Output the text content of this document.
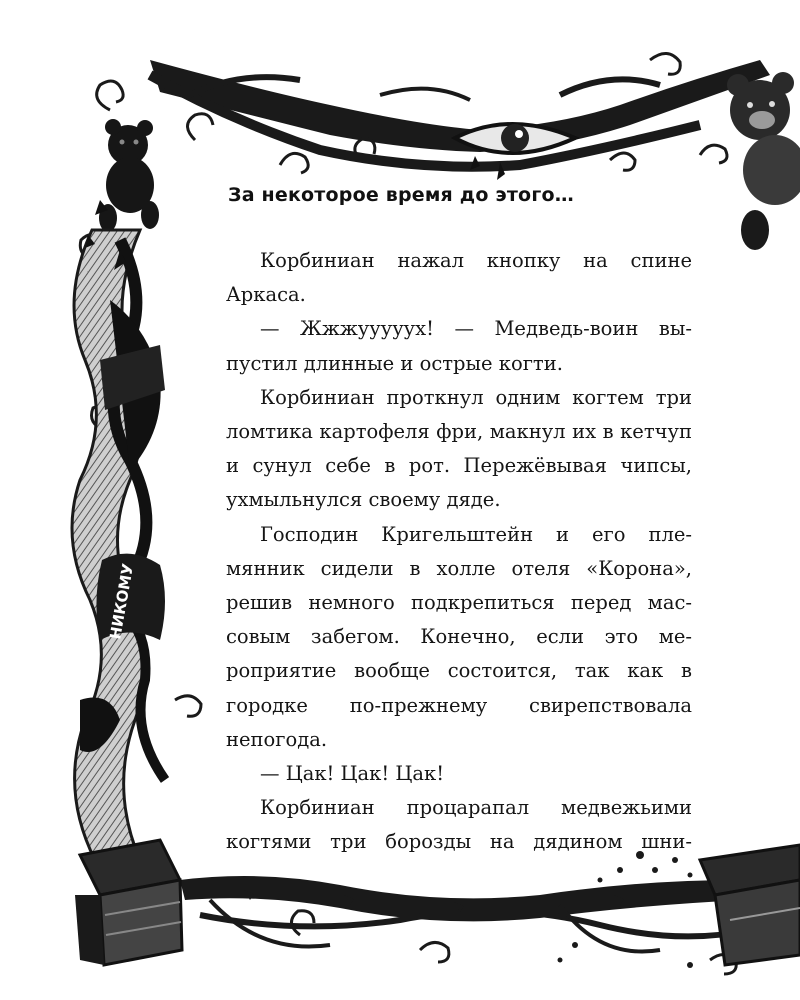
НИКОМУ
За некоторое время до этого…

Корбиниан нажал кнопку на спине Аркаса.

— Жжжууууух! — Медведь-воин выпустил длинные и острые когти.

Корбиниан проткнул одним когтем три ломтика картофеля фри, макнул их в кетчуп и сунул себе в рот. Пережёвывая чипсы, ухмыльнулся своему дяде.

Господин Кригельштейн и его племянник сидели в холле отеля «Корона», решив немного подкрепиться перед массовым забегом. Конечно, если это мероприятие вообще состоится, так как в городке по-прежнему свирепствовала непогода.

— Цак! Цак! Цак!

Корбиниан процарапал медвежьими когтями три борозды на дядином шни-
